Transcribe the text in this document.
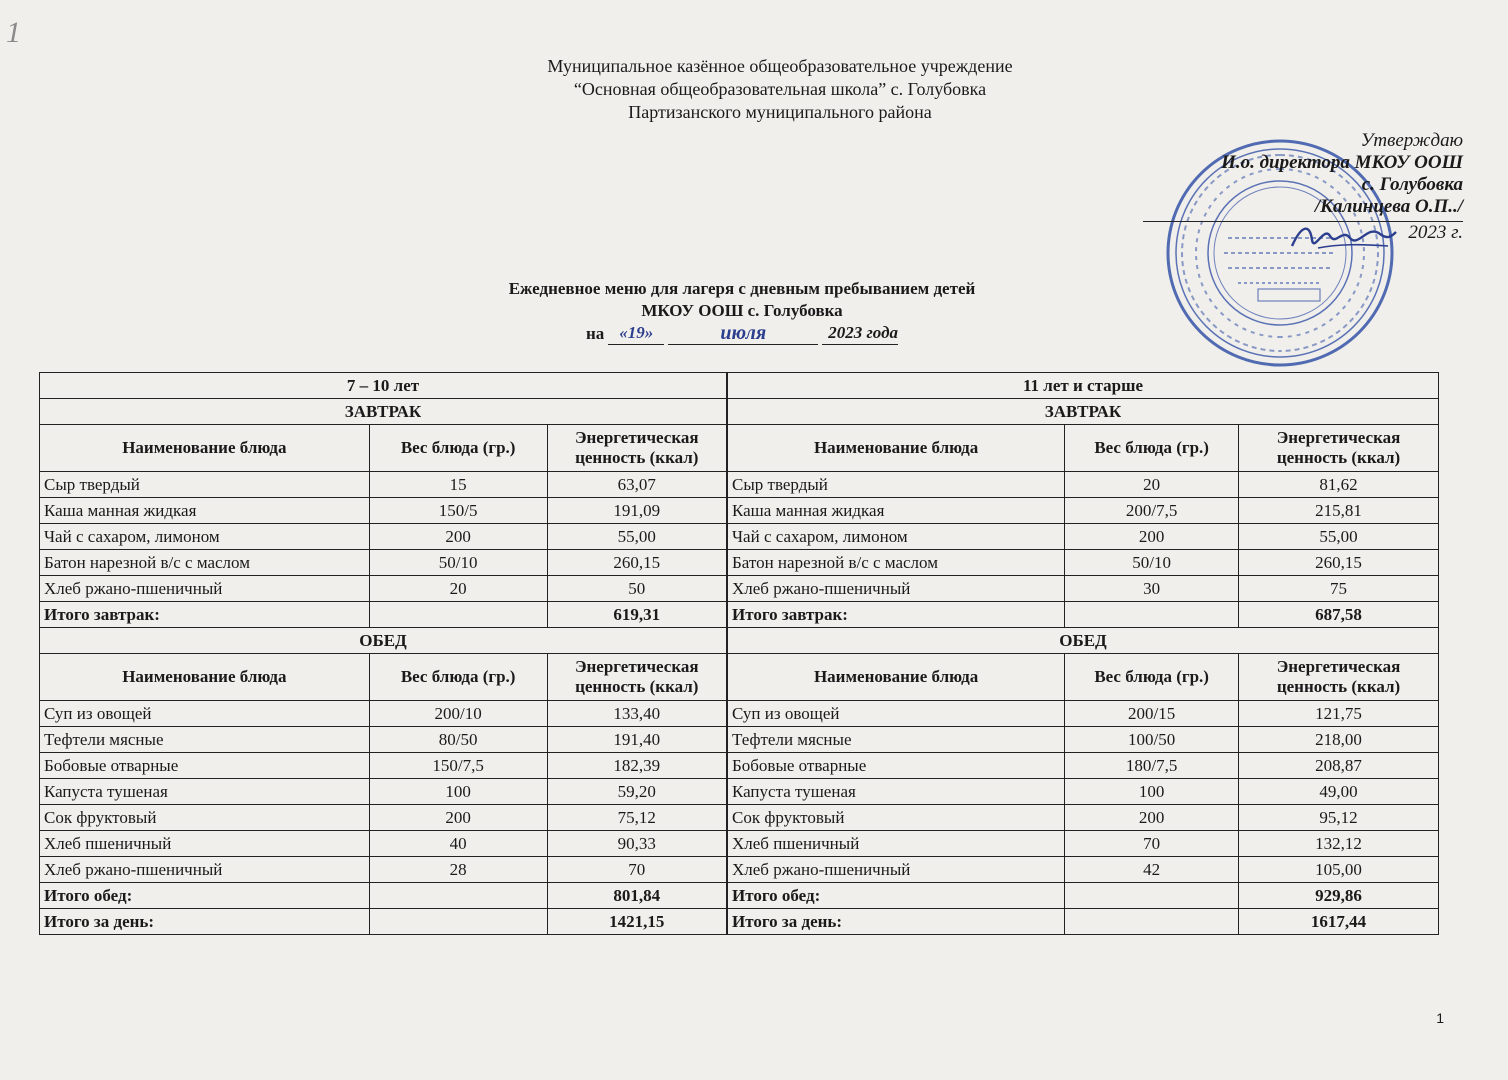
1
Муниципальное казённое общеобразовательное учреждение
“Основная общеобразовательная школа” с. Голубовка
Партизанского муниципального района
Утверждаю
И.о. директора МКОУ ООШ
с. Голубовка
/Калинцева О.П../
2023 г.
Ежедневное меню для лагеря с дневным пребыванием детей
МКОУ ООШ с. Голубовка
на «19»	июля	2023 года
7 – 10 лет			11 лет и старше		
ЗАВТРАК			ЗАВТРАК		
Наименование блюда	Вес блюда (гр.)	Энергетическая ценность (ккал)	Наименование блюда	Вес блюда (гр.)	Энергетическая ценность (ккал)
Сыр твердый	15	63,07	Сыр твердый	20	81,62
Каша манная жидкая	150/5	191,09	Каша манная жидкая	200/7,5	215,81
Чай с сахаром, лимоном	200	55,00	Чай с сахаром, лимоном	200	55,00
Батон нарезной в/с с маслом	50/10	260,15	Батон нарезной в/с с маслом	50/10	260,15
Хлеб ржано-пшеничный	20	50	Хлеб ржано-пшеничный	30	75
Итого завтрак:		619,31	Итого завтрак:		687,58
ОБЕД			ОБЕД		
Наименование блюда	Вес блюда (гр.)	Энергетическая ценность (ккал)	Наименование блюда	Вес блюда (гр.)	Энергетическая ценность (ккал)
Суп из овощей	200/10	133,40	Суп из овощей	200/15	121,75
Тефтели мясные	80/50	191,40	Тефтели мясные	100/50	218,00
Бобовые отварные	150/7,5	182,39	Бобовые отварные	180/7,5	208,87
Капуста тушеная	100	59,20	Капуста тушеная	100	49,00
Сок фруктовый	200	75,12	Сок фруктовый	200	95,12
Хлеб пшеничный	40	90,33	Хлеб пшеничный	70	132,12
Хлеб ржано-пшеничный	28	70	Хлеб ржано-пшеничный	42	105,00
Итого обед:		801,84	Итого обед:		929,86
Итого за день:		1421,15	Итого за день:		1617,44
1
